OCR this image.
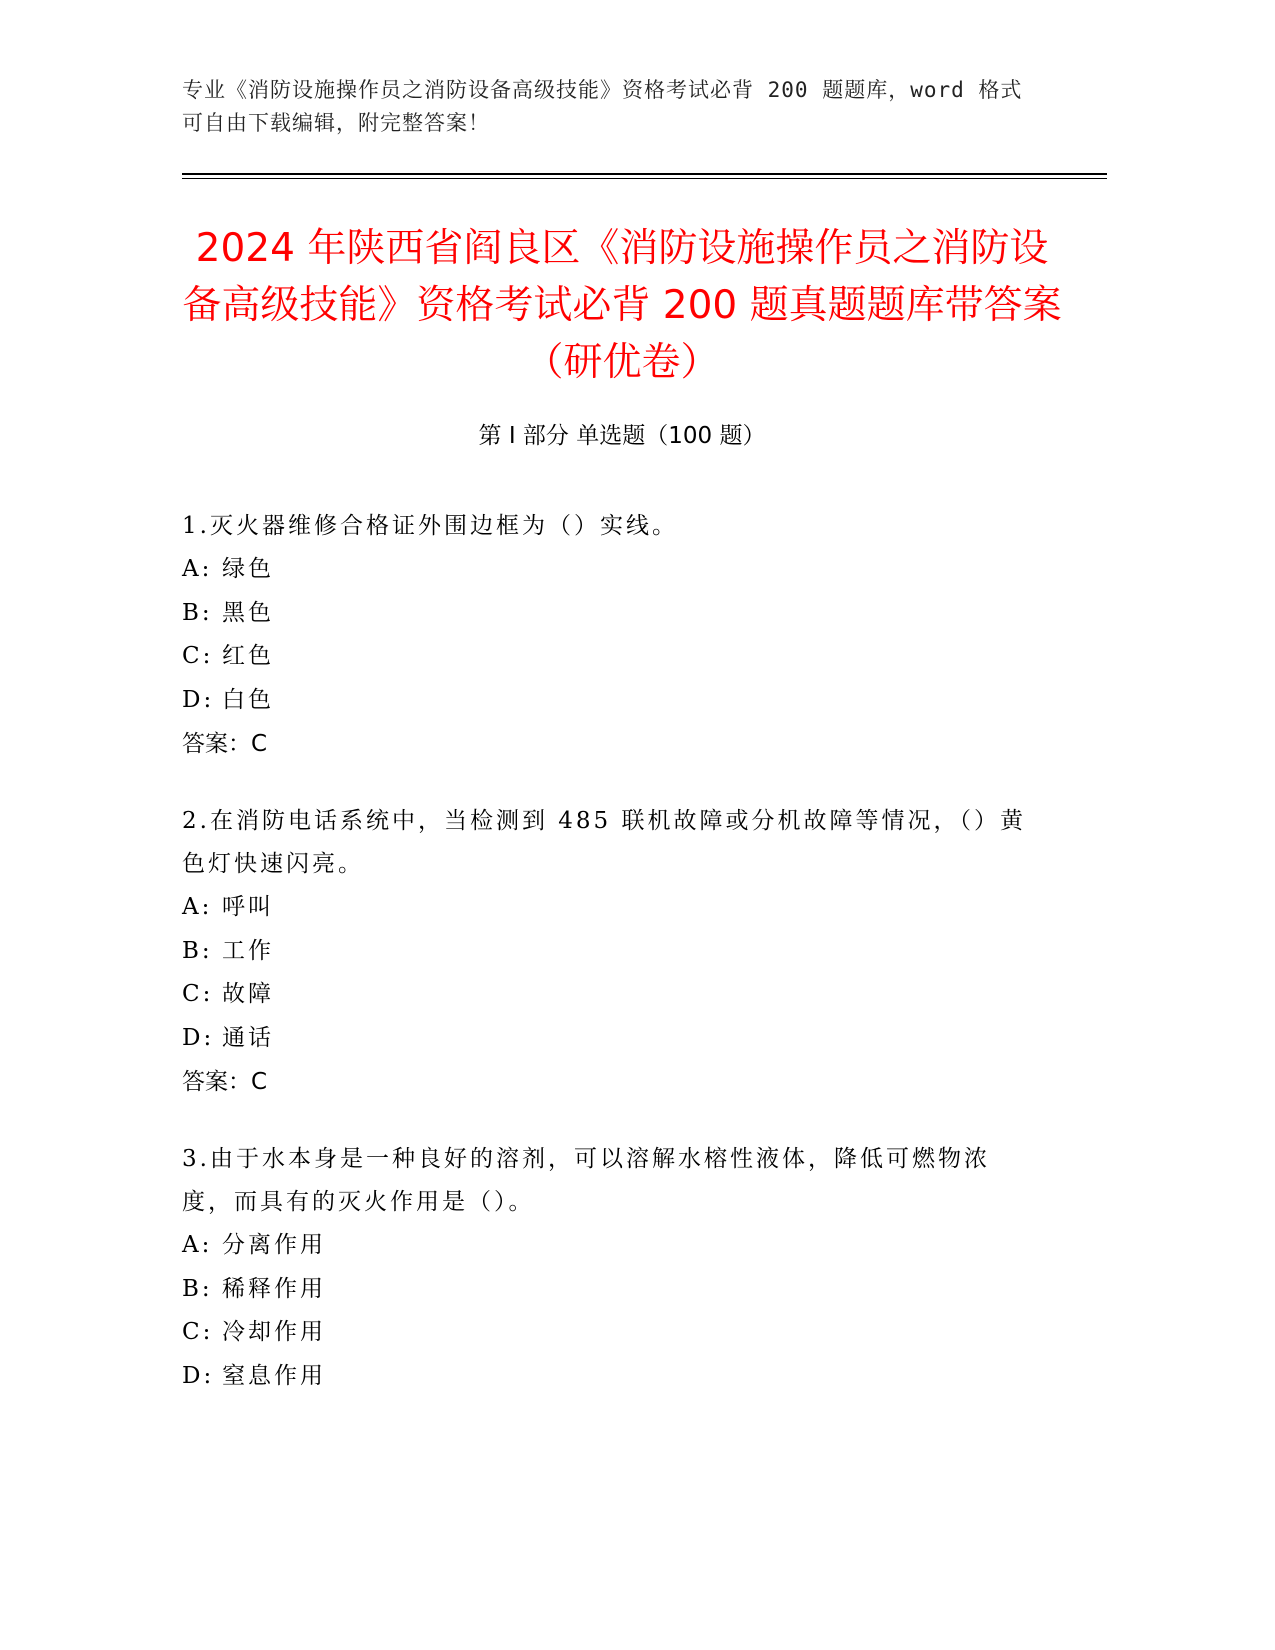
专业《消防设施操作员之消防设备高级技能》资格考试必背 200 题题库，word 格式可自由下载编辑，附完整答案！
2024 年陕西省阎良区《消防设施操作员之消防设备高级技能》资格考试必背 200 题真题题库带答案（研优卷）
第 I 部分 单选题（100 题）
1.灭火器维修合格证外围边框为（）实线。
A: 绿色
B: 黑色
C: 红色
D: 白色
答案：C
2.在消防电话系统中，当检测到 485 联机故障或分机故障等情况，（）黄色灯快速闪亮。
A: 呼叫
B: 工作
C: 故障
D: 通话
答案：C
3.由于水本身是一种良好的溶剂，可以溶解水榕性液体，降低可燃物浓度，而具有的灭火作用是（）。
A: 分离作用
B: 稀释作用
C: 冷却作用
D: 窒息作用
